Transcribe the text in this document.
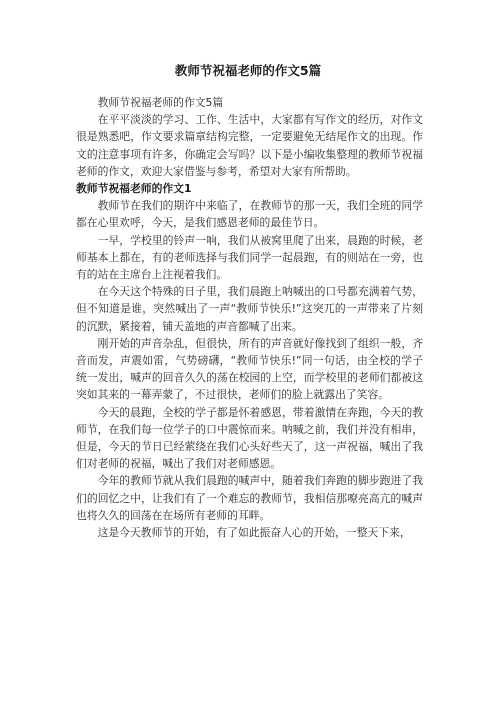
教师节祝福老师的作文5篇

教师节祝福老师的作文5篇

在平平淡淡的学习、工作、生活中，大家都有写作文的经历，对作文很是熟悉吧，作文要求篇章结构完整，一定要避免无结尾作文的出现。作文的注意事项有许多，你确定会写吗？以下是小编收集整理的教师节祝福老师的作文，欢迎大家借鉴与参考，希望对大家有所帮助。

教师节祝福老师的作文1

教师节在我们的期许中来临了，在教师节的那一天，我们全班的同学都在心里欢呼，今天，是我们感恩老师的最佳节日。

一早，学校里的铃声一响，我们从被窝里爬了出来，晨跑的时候，老师基本上都在，有的老师选择与我们同学一起晨跑，有的则站在一旁，也有的站在主席台上注视着我们。

在今天这个特殊的日子里，我们晨跑上呐喊出的口号都充满着气势，但不知道是谁，突然喊出了一声“教师节快乐!”这突兀的一声带来了片刻的沉默，紧接着，铺天盖地的声音都喊了出来。

刚开始的声音杂乱，但很快，所有的声音就好像找到了组织一般，齐音而发，声震如雷，气势磅礴，“教师节快乐!”同一句话，由全校的学子统一发出，喊声的回音久久的荡在校园的上空，而学校里的老师们都被这突如其来的一幕弄蒙了，不过很快，老师们的脸上就露出了笑容。

今天的晨跑，全校的学子都是怀着感恩，带着激情在奔跑，今天的教师节，在我们每一位学子的口中震惊而来。呐喊之前，我们并没有相串，但是，今天的节日已经萦绕在我们心头好些天了，这一声祝福，喊出了我们对老师的祝福，喊出了我们对老师感恩。

今年的教师节就从我们晨跑的喊声中，随着我们奔跑的脚步跑进了我们的回忆之中，让我们有了一个难忘的教师节，我相信那嘹亮高亢的喊声也将久久的回荡在在场所有老师的耳畔。

这是今天教师节的开始，有了如此振奋人心的开始，一整天下来，
